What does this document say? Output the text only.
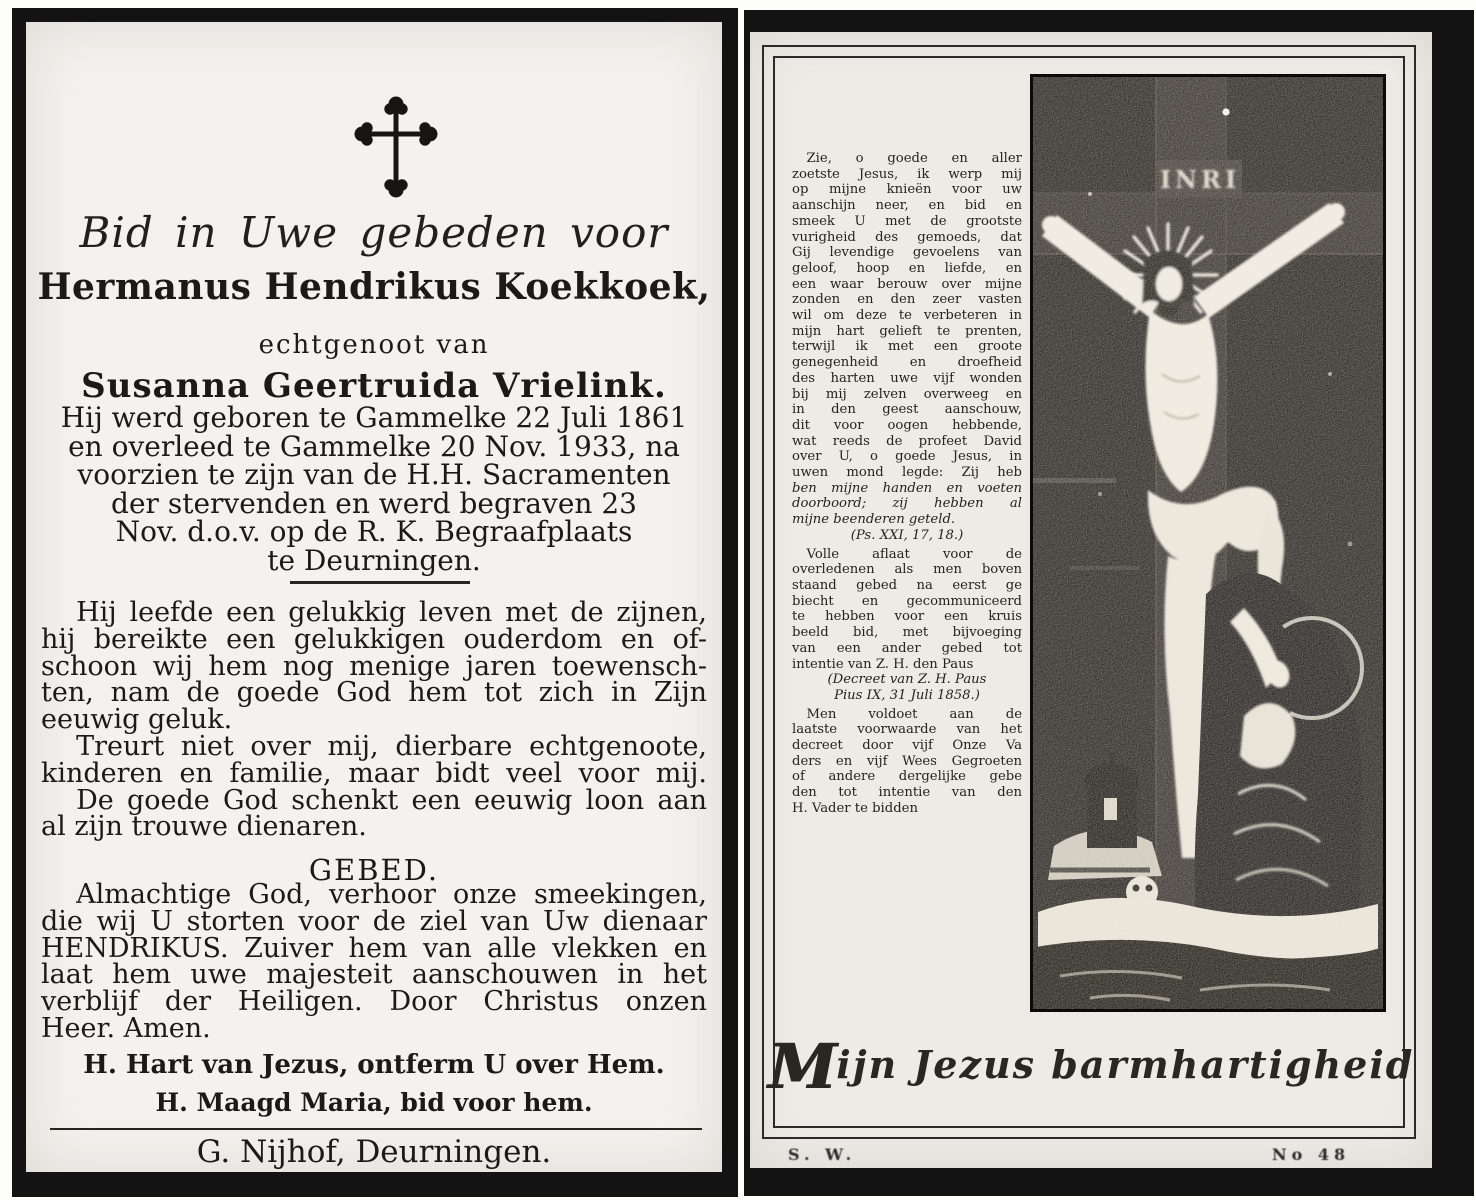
Bid in Uwe gebeden voor
Hermanus Hendrikus Koekkoek,
echtgenoot van
Susanna Geertruida Vrielink.
Hij werd geboren te Gammelke 22 Juli 1861
en overleed te Gammelke 20 Nov. 1933, na
voorzien te zijn van de H.H. Sacramenten
der stervenden en werd begraven 23
Nov. d.o.v. op de R. K. Begraafplaats
te Deurningen.
Hij leefde een gelukkig leven met de zijnen,
hij bereikte een gelukkigen ouderdom en of-
schoon wij hem nog menige jaren toewensch-
ten, nam de goede God hem tot zich in Zijn
eeuwig geluk.
Treurt niet over mij, dierbare echtgenoote,
kinderen en familie, maar bidt veel voor mij.
De goede God schenkt een eeuwig loon aan
al zijn trouwe dienaren.
GEBED.
Almachtige God, verhoor onze smeekingen,
die wij U storten voor de ziel van Uw dienaar
HENDRIKUS. Zuiver hem van alle vlekken en
laat hem uwe majesteit aanschouwen in het
verblijf der Heiligen. Door Christus onzen
Heer. Amen.
H. Hart van Jezus, ontferm U over Hem.
H. Maagd Maria, bid voor hem.
G. Nijhof, Deurningen.
Zie, o goede en aller
zoetste Jesus, ik werp mij
op mijne knieën voor uw
aanschijn neer, en bid en
smeek U met de grootste
vurigheid des gemoeds, dat
Gij levendige gevoelens van
geloof, hoop en liefde, en
een waar berouw over mijne
zonden en den zeer vasten
wil om deze te verbeteren in
mijn hart gelieft te prenten,
terwijl ik met een groote
genegenheid en droefheid
des harten uwe vijf wonden
bij mij zelven overweeg en
in den geest aanschouw,
dit voor oogen hebbende,
wat reeds de profeet David
over U, o goede Jesus, in
uwen mond legde: Zij heb
ben mijne handen en voeten
doorboord; zij hebben al
mijne beenderen geteld.
(Ps. XXI, 17, 18.)
Volle aflaat voor de
overledenen als men boven
staand gebed na eerst ge
biecht en gecommuniceerd
te hebben voor een kruis
beeld bid, met bijvoeging
van een ander gebed tot
intentie van Z. H. den Paus
(Decreet van Z. H. Paus
Pius IX, 31 Juli 1858.)
Men voldoet aan de
laatste voorwaarde van het
decreet door vijf Onze Va
ders en vijf Wees Gegroeten
of andere dergelijke gebe
den tot intentie van den
H. Vader te bidden
Mijn Jezus barmhartigheid
S. W.	No 48
